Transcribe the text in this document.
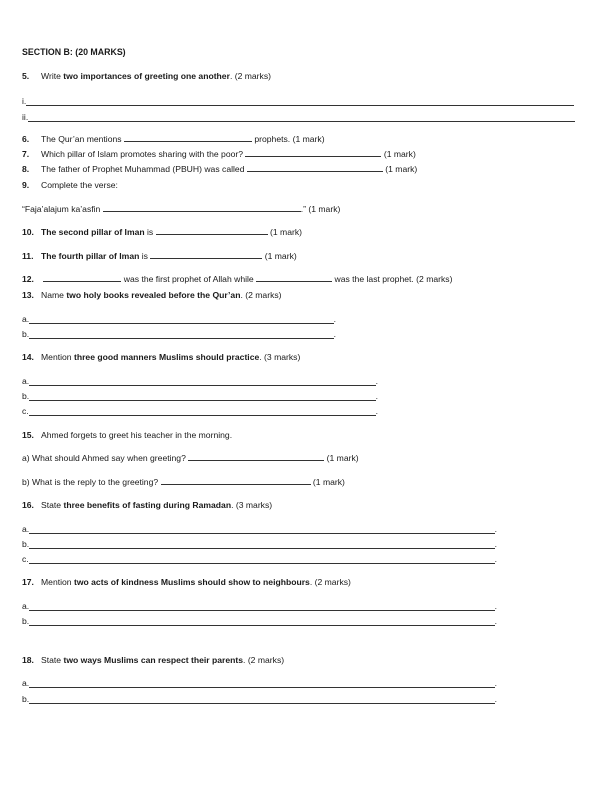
SECTION B: (20 MARKS)
5. Write two importances of greeting one another. (2 marks)
i.
ii.
6. The Qur’an mentions	prophets. (1 mark)
7. Which pillar of Islam promotes sharing with the poor?	(1 mark)
8. The father of Prophet Muhammad (PBUH) was called	(1 mark)
9. Complete the verse:
“Faja’alajum ka’asfin	.” (1 mark)
10. The second pillar of Iman is	(1 mark)
11. The fourth pillar of Iman is	(1 mark)
12.	was the first prophet of Allah while	was the last prophet. (2 marks)
13. Name two holy books revealed before the Qur’an. (2 marks)
a.	.
b.	.
14. Mention three good manners Muslims should practice. (3 marks)
a.	.
b.	.
c.	.
15. Ahmed forgets to greet his teacher in the morning.
a) What should Ahmed say when greeting?	(1 mark)
b) What is the reply to the greeting?	(1 mark)
16. State three benefits of fasting during Ramadan. (3 marks)
a.	.
b.	.
c.	.
17. Mention two acts of kindness Muslims should show to neighbours. (2 marks)
a.	.
b.	.
18. State two ways Muslims can respect their parents. (2 marks)
a.	.
b.	.
